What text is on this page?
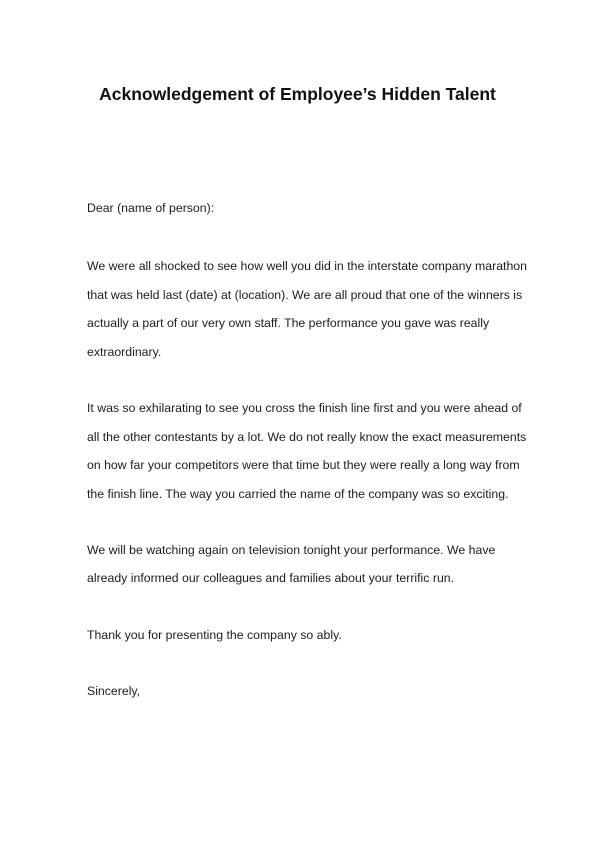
Acknowledgement of Employee’s Hidden Talent
Dear (name of person):
We were all shocked to see how well you did in the interstate company marathon
that was held last (date) at (location). We are all proud that one of the winners is
actually a part of our very own staff. The performance you gave was really
extraordinary.
It was so exhilarating to see you cross the finish line first and you were ahead of
all the other contestants by a lot. We do not really know the exact measurements
on how far your competitors were that time but they were really a long way from
the finish line. The way you carried the name of the company was so exciting.
We will be watching again on television tonight your performance. We have
already informed our colleagues and families about your terrific run.
Thank you for presenting the company so ably.
Sincerely,
